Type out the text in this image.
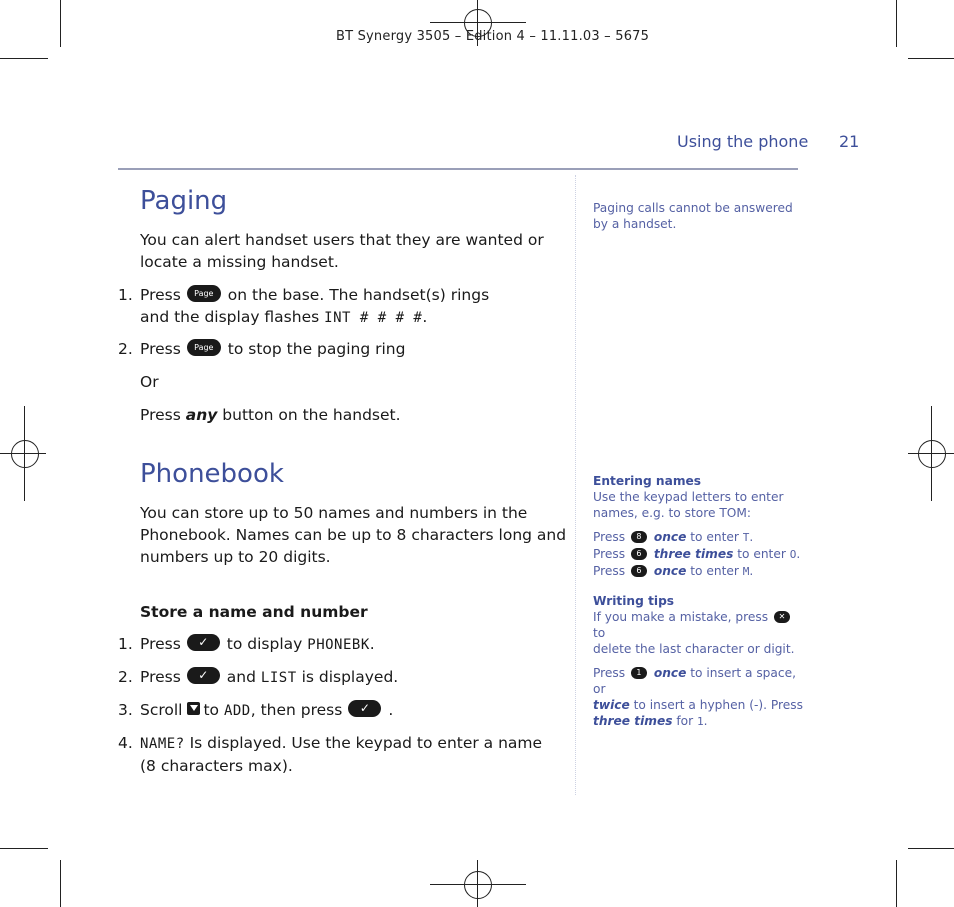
BT Synergy 3505 – Edition 4 – 11.11.03 – 5675
Using the phone 21
Paging
You can alert handset users that they are wanted or
locate a missing handset.
1. Press Page on the base. The handset(s) rings
and the display flashes INT # # # #.
2. Press Page to stop the paging ring
Or
Press any button on the handset.
Phonebook
You can store up to 50 names and numbers in the
Phonebook. Names can be up to 8 characters long and
numbers up to 20 digits.
Store a name and number
1. Press ✓ to display PHONEBK.
2. Press ✓ and LIST is displayed.
3. Scroll to ADD, then press ✓ .
4. NAME? Is displayed. Use the keypad to enter a name
(8 characters max).
Paging calls cannot be answered
by a handset.
Entering names
Use the keypad letters to enter
names, e.g. to store TOM:
Press 8 once to enter T.
Press 6 three times to enter O.
Press 6 once to enter M.
Writing tips
If you make a mistake, press ✕ to
delete the last character or digit.
Press 1 once to insert a space, or
twice to insert a hyphen (-). Press
three times for 1.
